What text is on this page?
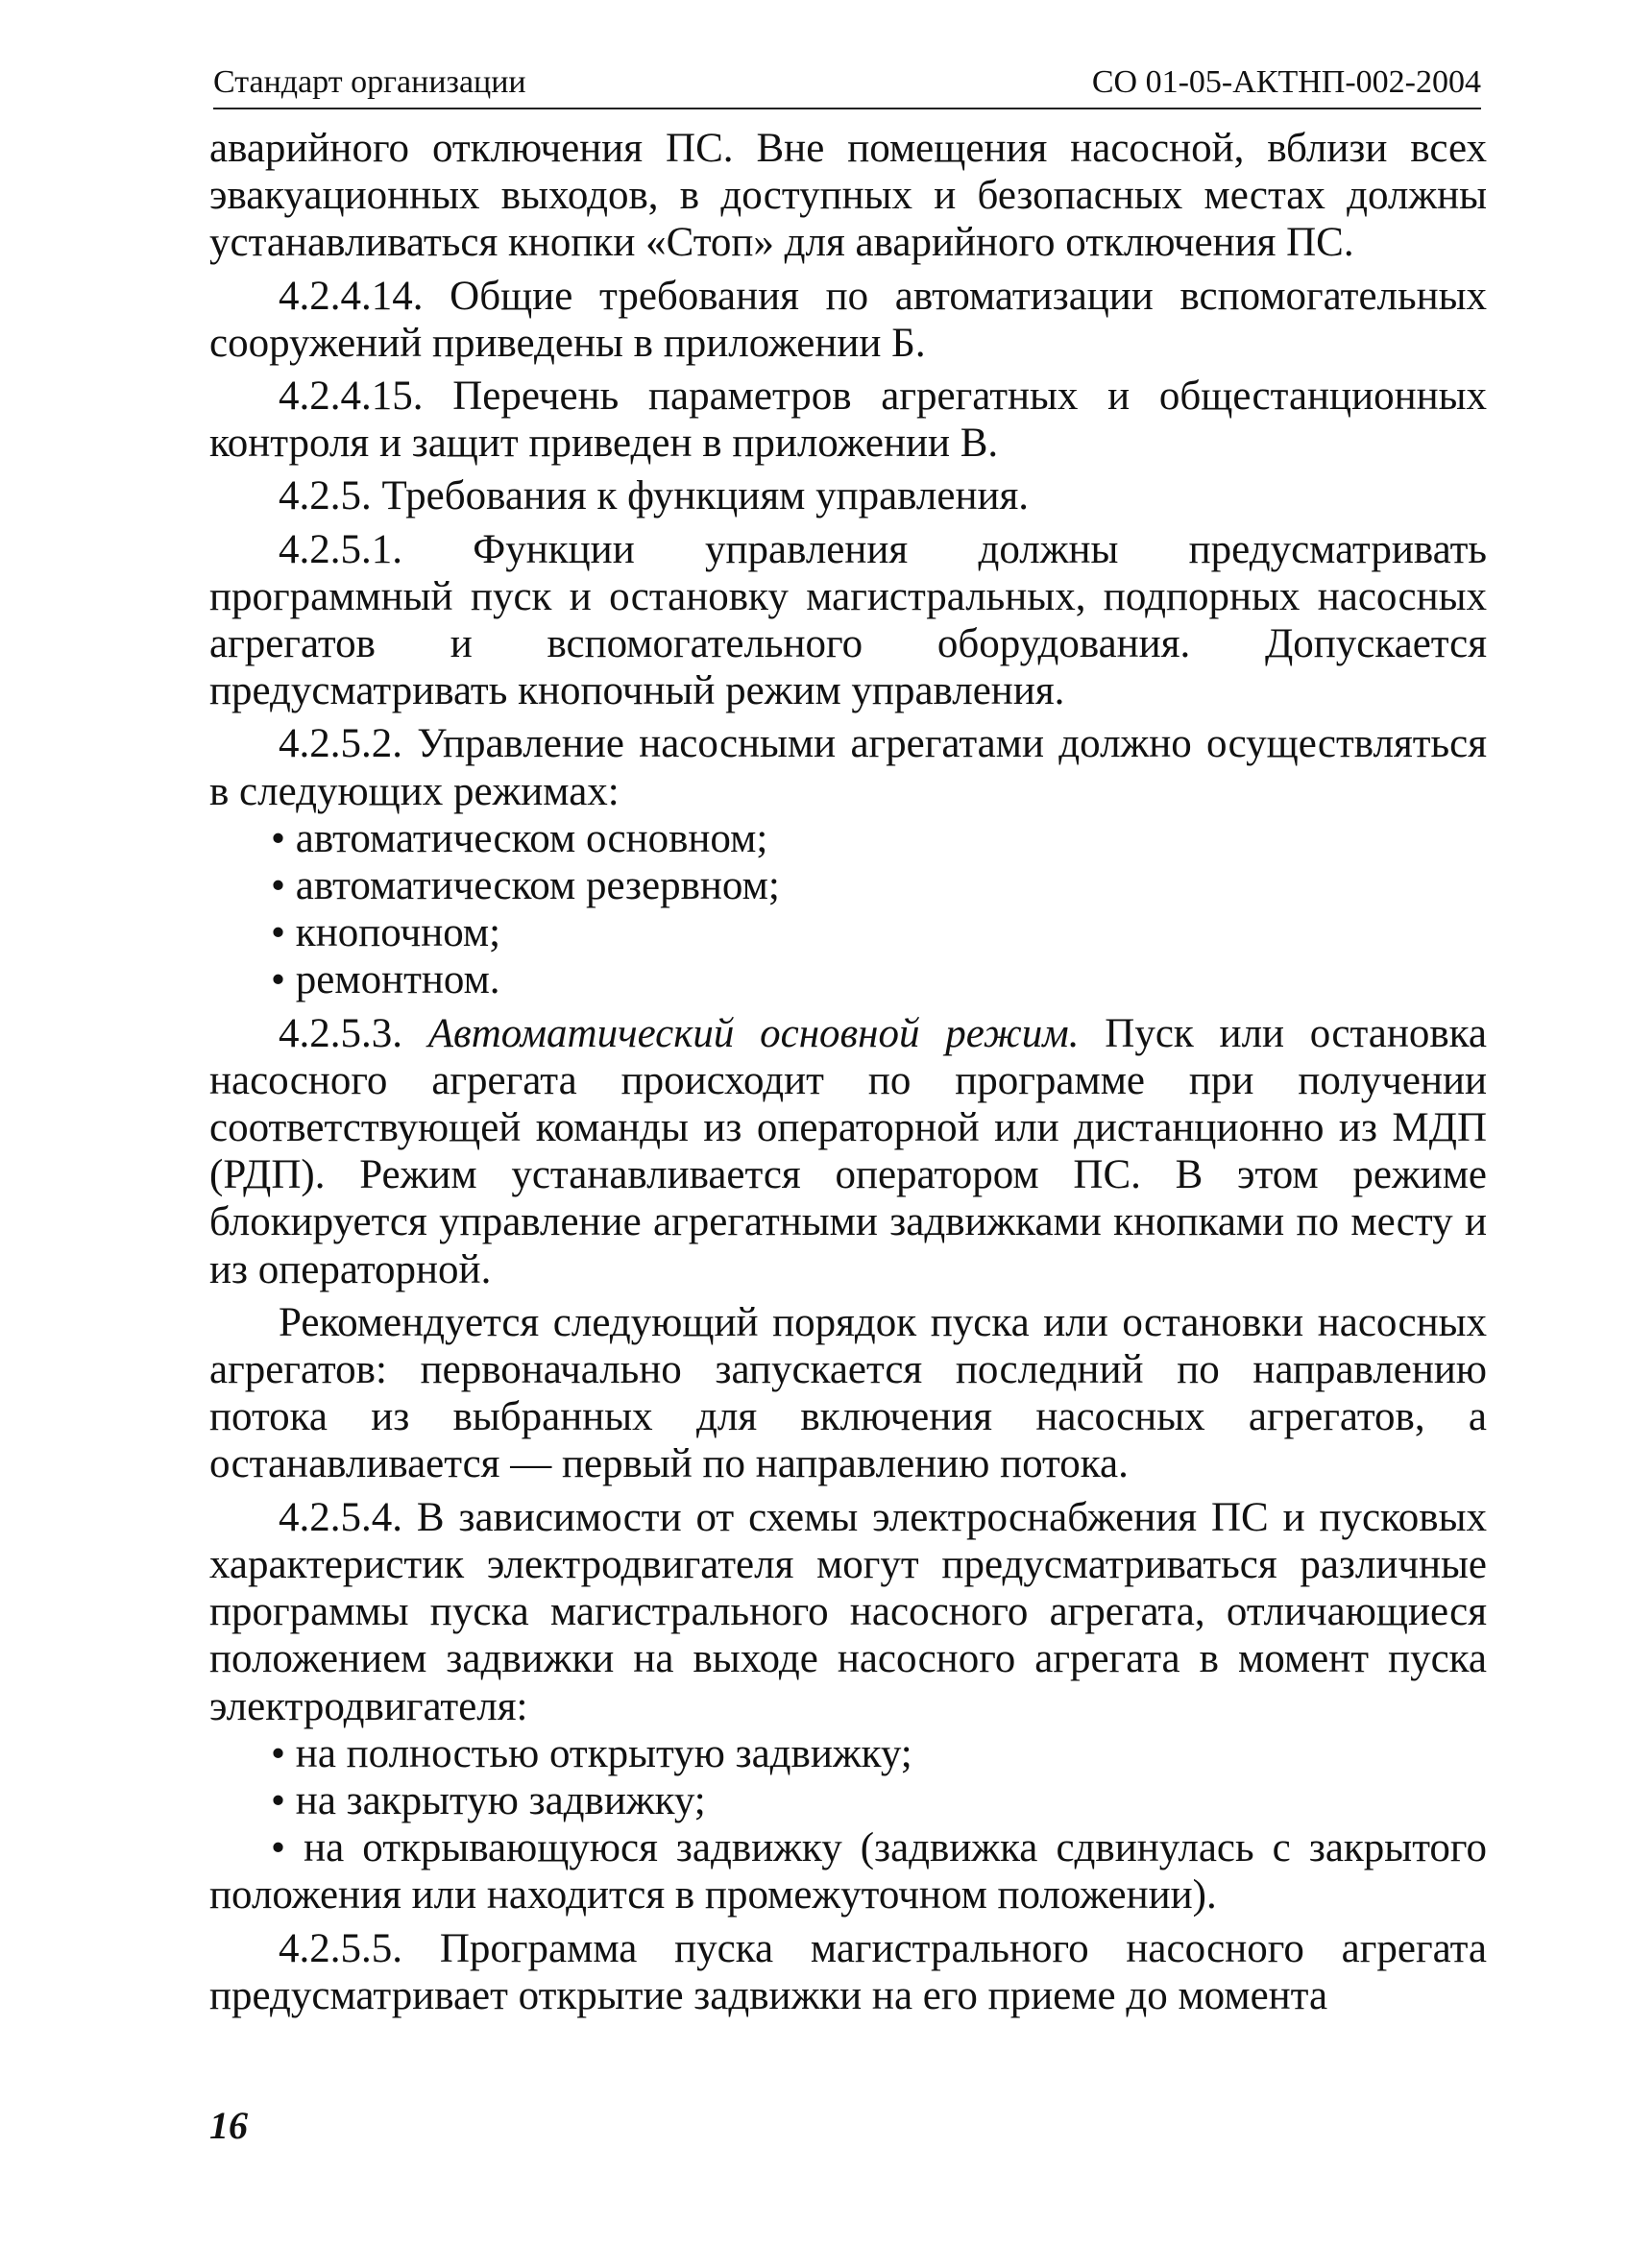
Стандарт организации	СО 01-05-АКТНП-002-2004

аварийного отключения ПС. Вне помещения насосной, вблизи всех эвакуационных выходов, в доступных и безопасных местах должны устанавливаться кнопки «Стоп» для аварийного отключения ПС.

4.2.4.14. Общие требования по автоматизации вспомогательных сооружений приведены в приложении Б.

4.2.4.15. Перечень параметров агрегатных и общестанционных контроля и защит приведен в приложении В.

4.2.5. Требования к функциям управления.

4.2.5.1. Функции управления должны предусматривать программный пуск и остановку магистральных, подпорных насосных агрегатов и вспомогательного оборудования. Допускается предусматривать кнопочный режим управления.

4.2.5.2. Управление насосными агрегатами должно осуществляться в следующих режимах:

• автоматическом основном;

• автоматическом резервном;

• кнопочном;

• ремонтном.

4.2.5.3. Автоматический основной режим. Пуск или остановка насосного агрегата происходит по программе при получении соответствующей команды из операторной или дистанционно из МДП (РДП). Режим устанавливается оператором ПС. В этом режиме блокируется управление агрегатными задвижками кнопками по месту и из операторной.

Рекомендуется следующий порядок пуска или остановки насосных агрегатов: первоначально запускается последний по направлению потока из выбранных для включения насосных агрегатов, а останавливается — первый по направлению потока.

4.2.5.4. В зависимости от схемы электроснабжения ПС и пусковых характеристик электродвигателя могут предусматриваться различные программы пуска магистрального насосного агрегата, отличающиеся положением задвижки на выходе насосного агрегата в момент пуска электродвигателя:

• на полностью открытую задвижку;

• на закрытую задвижку;

• на открывающуюся задвижку (задвижка сдвинулась с закрытого положения или находится в промежуточном положении).

4.2.5.5. Программа пуска магистрального насосного агрегата предусматривает открытие задвижки на его приеме до момента

16
